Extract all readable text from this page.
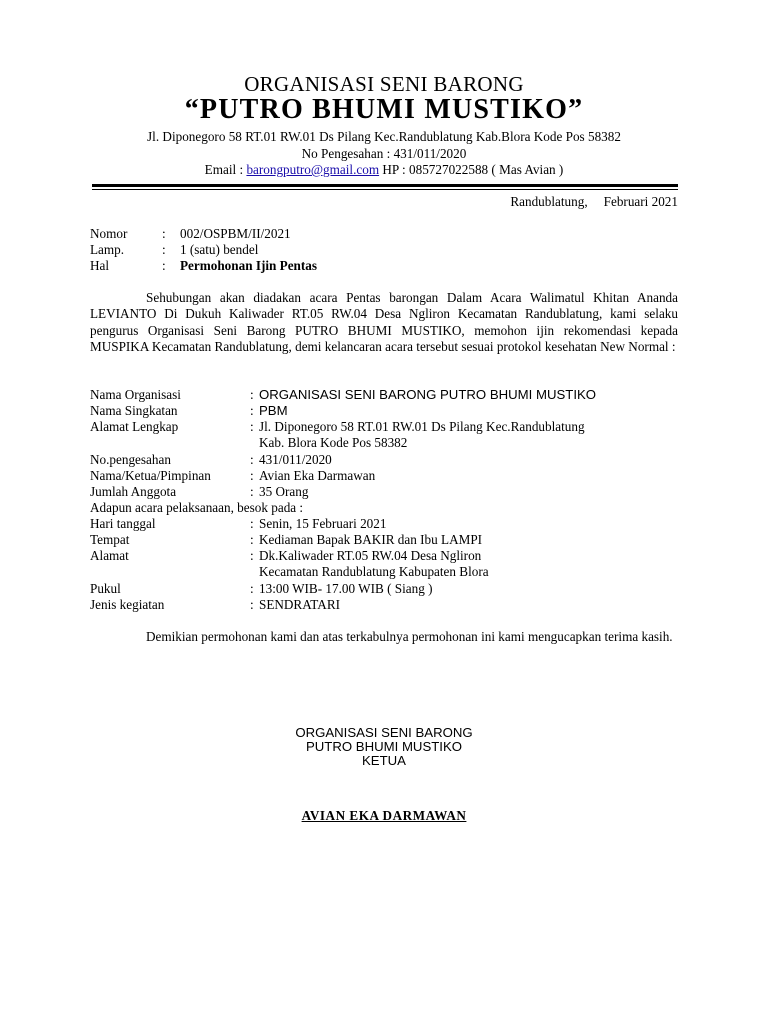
ORGANISASI SENI BARONG
“PUTRO BHUMI MUSTIKO”
Jl. Diponegoro 58 RT.01 RW.01 Ds Pilang Kec.Randublatung Kab.Blora Kode Pos 58382
No Pengesahan : 431/011/2020
Email : barongputro@gmail.com HP : 085727022588 ( Mas Avian )
Randublatung, Februari 2021
Nomor	: 002/OSPBM/II/2021
Lamp.	: 1 (satu) bendel
Hal	: Permohonan Ijin Pentas
Sehubungan akan diadakan acara Pentas barongan Dalam Acara Walimatul Khitan Ananda LEVIANTO Di Dukuh Kaliwader RT.05 RW.04 Desa Ngliron Kecamatan Randublatung, kami selaku pengurus Organisasi Seni Barong PUTRO BHUMI MUSTIKO, memohon ijin rekomendasi kepada MUSPIKA Kecamatan Randublatung, demi kelancaran acara tersebut sesuai protokol kesehatan New Normal :
Nama Organisasi	: ORGANISASI SENI BARONG PUTRO BHUMI MUSTIKO
Nama Singkatan	: PBM
Alamat Lengkap	: Jl. Diponegoro 58 RT.01 RW.01 Ds Pilang Kec.Randublatung
Kab. Blora Kode Pos 58382
No.pengesahan	: 431/011/2020
Nama/Ketua/Pimpinan	: Avian Eka Darmawan
Jumlah Anggota	: 35 Orang
Adapun acara pelaksanaan, besok pada :
Hari tanggal	: Senin, 15 Februari 2021
Tempat	: Kediaman Bapak BAKIR dan Ibu LAMPI
Alamat	: Dk.Kaliwader RT.05 RW.04 Desa Ngliron
Kecamatan Randublatung Kabupaten Blora
Pukul	: 13:00 WIB- 17.00 WIB ( Siang )
Jenis kegiatan	: SENDRATARI
Demikian permohonan kami dan atas terkabulnya permohonan ini kami mengucapkan terima kasih.
ORGANISASI SENI BARONG
PUTRO BHUMI MUSTIKO
KETUA
AVIAN EKA DARMAWAN
